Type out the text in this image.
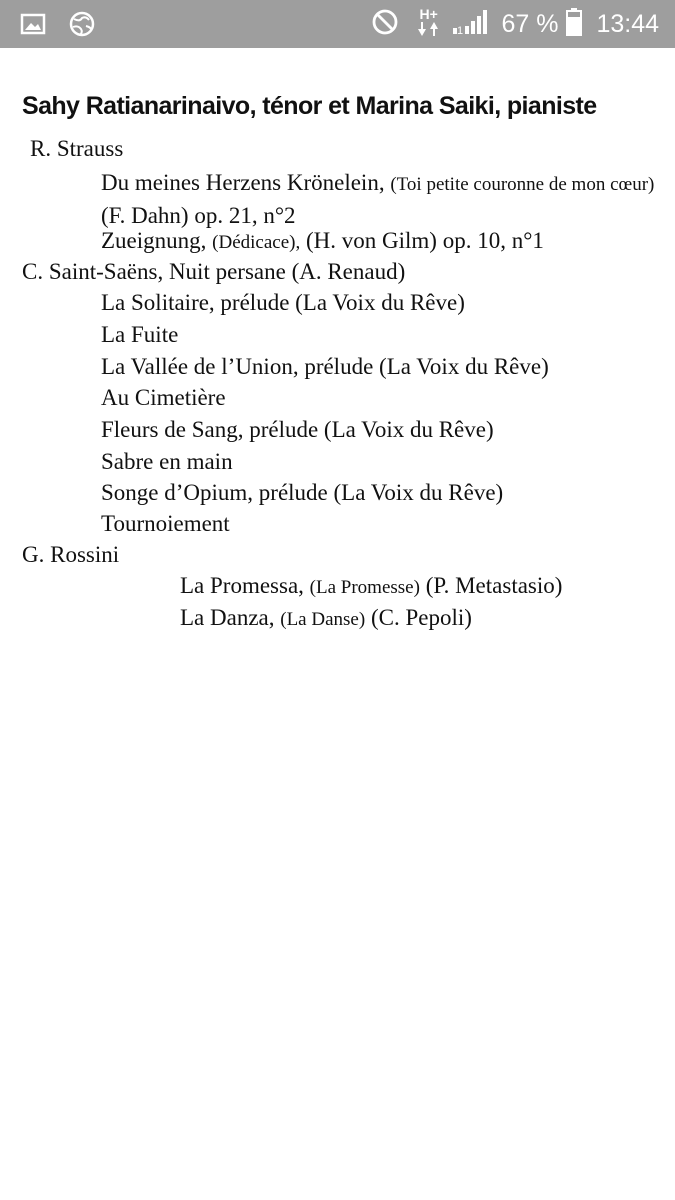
H+
1 67 % 13:44
Sahy Ratianarinaivo, ténor et Marina Saiki, pianiste
R. Strauss
Du meines Herzens Krönelein, (Toi petite couronne de mon cœur) (F. Dahn) op. 21, n°2
Zueignung, (Dédicace), (H. von Gilm) op. 10, n°1
C. Saint-Saëns, Nuit persane (A. Renaud)
La Solitaire, prélude (La Voix du Rêve)
La Fuite
La Vallée de l’Union, prélude (La Voix du Rêve)
Au Cimetière
Fleurs de Sang, prélude (La Voix du Rêve)
Sabre en main
Songe d’Opium, prélude (La Voix du Rêve)
Tournoiement
G. Rossini
La Promessa, (La Promesse) (P. Metastasio)
La Danza, (La Danse) (C. Pepoli)
